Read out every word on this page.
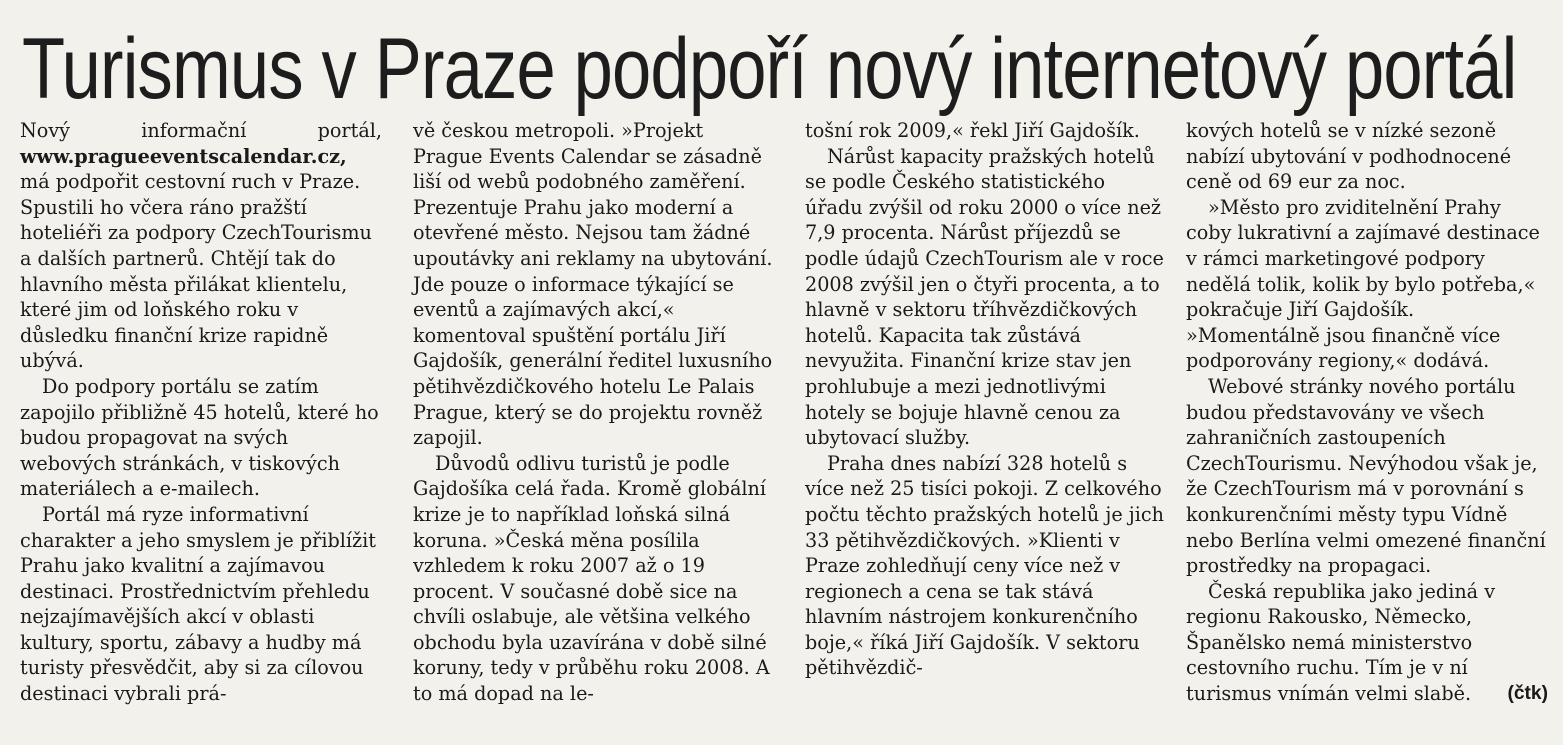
Turismus v Praze podpoří nový internetový portál

Nový informační portál,

www.pragueeventscalendar.cz,

má podpořit cestovní ruch v Praze. Spustili ho včera ráno pražští hoteliéři za podpory CzechTourismu a dalších partnerů. Chtějí tak do hlavního města přilákat klientelu, které jim od loňského roku v důsledku finanční krize rapidně ubývá.

Do podpory portálu se zatím zapojilo přibližně 45 hotelů, které ho budou propagovat na svých webových stránkách, v tiskových materiálech a e-mailech.

Portál má ryze informativní charakter a jeho smyslem je přiblížit Prahu jako kvalitní a zajímavou destinaci. Prostřednictvím přehledu nejzajímavějších akcí v oblasti kultury, sportu, zábavy a hudby má turisty přesvědčit, aby si za cílovou destinaci vybrali prá-

vě českou metropoli. »Projekt Prague Events Calendar se zásadně liší od webů podobného zaměření. Prezentuje Prahu jako moderní a otevřené město. Nejsou tam žádné upoutávky ani reklamy na ubytování. Jde pouze o informace týkající se eventů a zajímavých akcí,« komentoval spuštění portálu Jiří Gajdošík, generální ředitel luxusního pětihvězdičkového hotelu Le Palais Prague, který se do projektu rovněž zapojil.

Důvodů odlivu turistů je podle Gajdošíka celá řada. Kromě globální krize je to například loňská silná koruna. »Česká měna posílila vzhledem k roku 2007 až o 19 procent. V současné době sice na chvíli oslabuje, ale většina velkého obchodu byla uzavírána v době silné koruny, tedy v průběhu roku 2008. A to má dopad na le-

tošní rok 2009,« řekl Jiří Gajdošík.

Nárůst kapacity pražských hotelů se podle Českého statistického úřadu zvýšil od roku 2000 o více než 7,9 procenta. Nárůst příjezdů se podle údajů CzechTourism ale v roce 2008 zvýšil jen o čtyři procenta, a to hlavně v sektoru tříhvězdičkových hotelů. Kapacita tak zůstává nevyužita. Finanční krize stav jen prohlubuje a mezi jednotlivými hotely se bojuje hlavně cenou za ubytovací služby.

Praha dnes nabízí 328 hotelů s více než 25 tisíci pokoji. Z celkového počtu těchto pražských hotelů je jich 33 pětihvězdičkových. »Klienti v Praze zohledňují ceny více než v regionech a cena se tak stává hlavním nástrojem konkurenčního boje,« říká Jiří Gajdošík. V sektoru pětihvězdič-

kových hotelů se v nízké sezoně nabízí ubytování v podhodnocené ceně od 69 eur za noc.

»Město pro zviditelnění Prahy coby lukrativní a zajímavé destinace v rámci marketingové podpory nedělá tolik, kolik by bylo potřeba,« pokračuje Jiří Gajdošík. »Momentálně jsou finančně více podporovány regiony,« dodává.

Webové stránky nového portálu budou představovány ve všech zahraničních zastoupeních CzechTourismu. Nevýhodou však je, že CzechTourism má v porovnání s konkurenčními městy typu Vídně nebo Berlína velmi omezené finanční prostředky na propagaci.

Česká republika jako jediná v regionu Rakousko, Německo, Španělsko nemá ministerstvo cestovního ruchu. Tím je v ní turismus vnímán velmi slabě.	(čtk)
